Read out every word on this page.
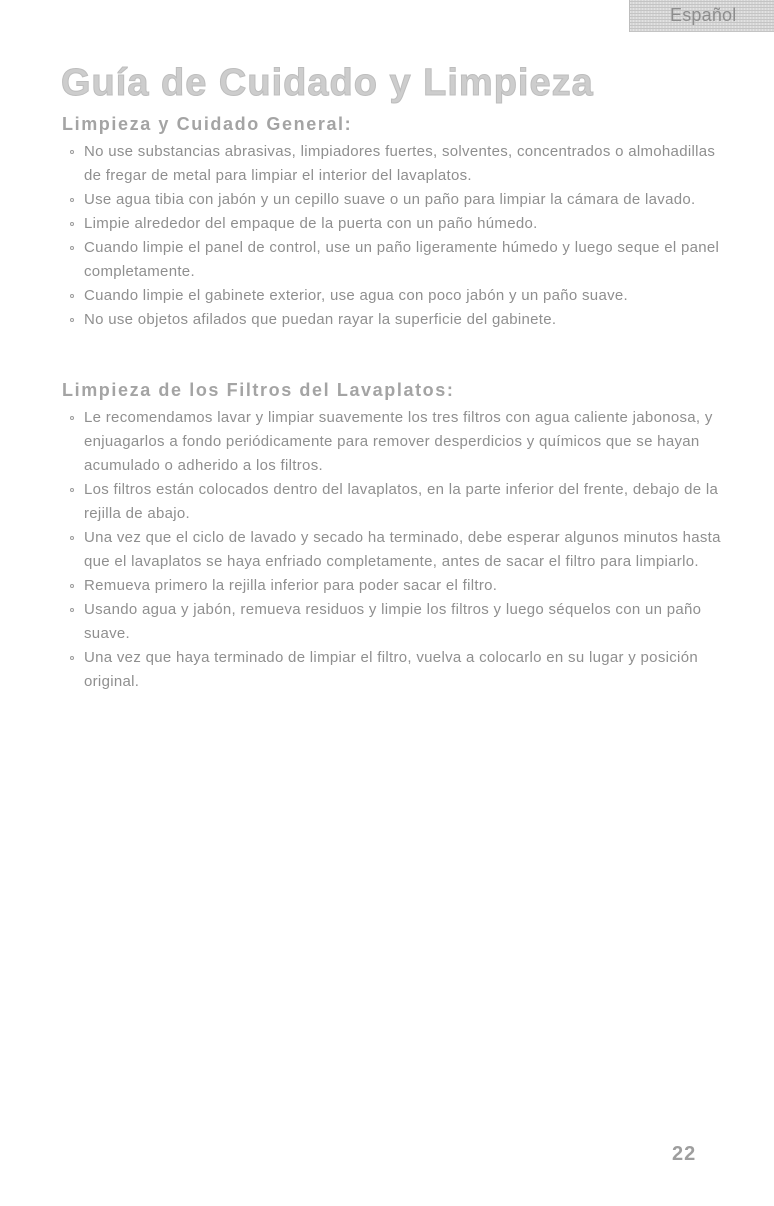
Español
Guía de Cuidado y Limpieza
Limpieza y Cuidado General:
No use substancias abrasivas, limpiadores fuertes, solventes, concentrados o almohadillas de fregar de metal para limpiar el interior del lavaplatos.
Use agua tibia con jabón y un cepillo suave o un paño para limpiar la cámara de lavado.
Limpie alrededor del empaque de la puerta con un paño húmedo.
Cuando limpie el panel de control, use un paño ligeramente húmedo y luego seque el panel completamente.
Cuando limpie el gabinete exterior, use agua con poco jabón y un paño suave.
No use objetos afilados que puedan rayar la superficie del gabinete.
Limpieza de los Filtros del Lavaplatos:
Le recomendamos lavar y limpiar suavemente los tres filtros con agua caliente jabonosa, y enjuagarlos a fondo periódicamente para remover desperdicios y químicos que se hayan acumulado o adherido a los filtros.
Los filtros están colocados dentro del lavaplatos, en la parte inferior del frente, debajo de la rejilla de abajo.
Una vez que el ciclo de lavado y secado ha terminado, debe esperar algunos minutos hasta que el lavaplatos se haya enfriado completamente, antes de sacar el filtro para limpiarlo.
Remueva primero la rejilla inferior para poder sacar el filtro.
Usando agua y jabón, remueva residuos y limpie los filtros y luego séquelos con un paño suave.
Una vez que haya terminado de limpiar el filtro, vuelva a colocarlo en su lugar y posición original.
22
